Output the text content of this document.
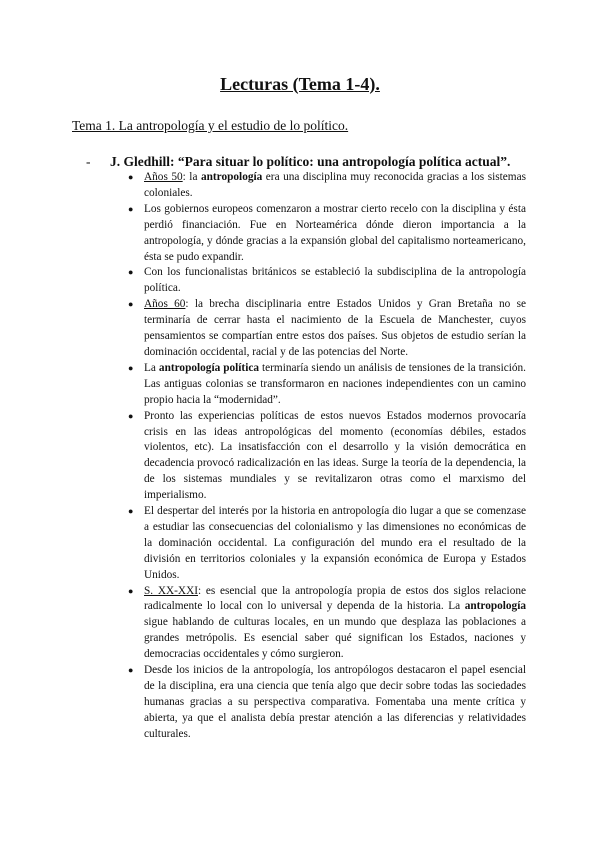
Lecturas (Tema 1-4).
Tema 1. La antropología y el estudio de lo político.
- J. Gledhill: “Para situar lo político: una antropología política actual”.
● Años 50: la antropología era una disciplina muy reconocida gracias a los sistemas coloniales.
● Los gobiernos europeos comenzaron a mostrar cierto recelo con la disciplina y ésta perdió financiación. Fue en Norteamérica dónde dieron importancia a la antropología, y dónde gracias a la expansión global del capitalismo norteamericano, ésta se pudo expandir.
● Con los funcionalistas británicos se estableció la subdisciplina de la antropología política.
● Años 60: la brecha disciplinaria entre Estados Unidos y Gran Bretaña no se terminaría de cerrar hasta el nacimiento de la Escuela de Manchester, cuyos pensamientos se compartían entre estos dos países. Sus objetos de estudio serían la dominación occidental, racial y de las potencias del Norte.
● La antropología política terminaría siendo un análisis de tensiones de la transición. Las antiguas colonias se transformaron en naciones independientes con un camino propio hacia la “modernidad”.
● Pronto las experiencias políticas de estos nuevos Estados modernos provocaría crisis en las ideas antropológicas del momento (economías débiles, estados violentos, etc). La insatisfacción con el desarrollo y la visión democrática en decadencia provocó radicalización en las ideas. Surge la teoría de la dependencia, la de los sistemas mundiales y se revitalizaron otras como el marxismo del imperialismo.
● El despertar del interés por la historia en antropología dio lugar a que se comenzase a estudiar las consecuencias del colonialismo y las dimensiones no económicas de la dominación occidental. La configuración del mundo era el resultado de la división en territorios coloniales y la expansión económica de Europa y Estados Unidos.
● S. XX-XXI: es esencial que la antropología propia de estos dos siglos relacione radicalmente lo local con lo universal y dependa de la historia. La antropología sigue hablando de culturas locales, en un mundo que desplaza las poblaciones a grandes metrópolis. Es esencial saber qué significan los Estados, naciones y democracias occidentales y cómo surgieron.
● Desde los inicios de la antropología, los antropólogos destacaron el papel esencial de la disciplina, era una ciencia que tenía algo que decir sobre todas las sociedades humanas gracias a su perspectiva comparativa. Fomentaba una mente crítica y abierta, ya que el analista debía prestar atención a las diferencias y relatividades culturales.
